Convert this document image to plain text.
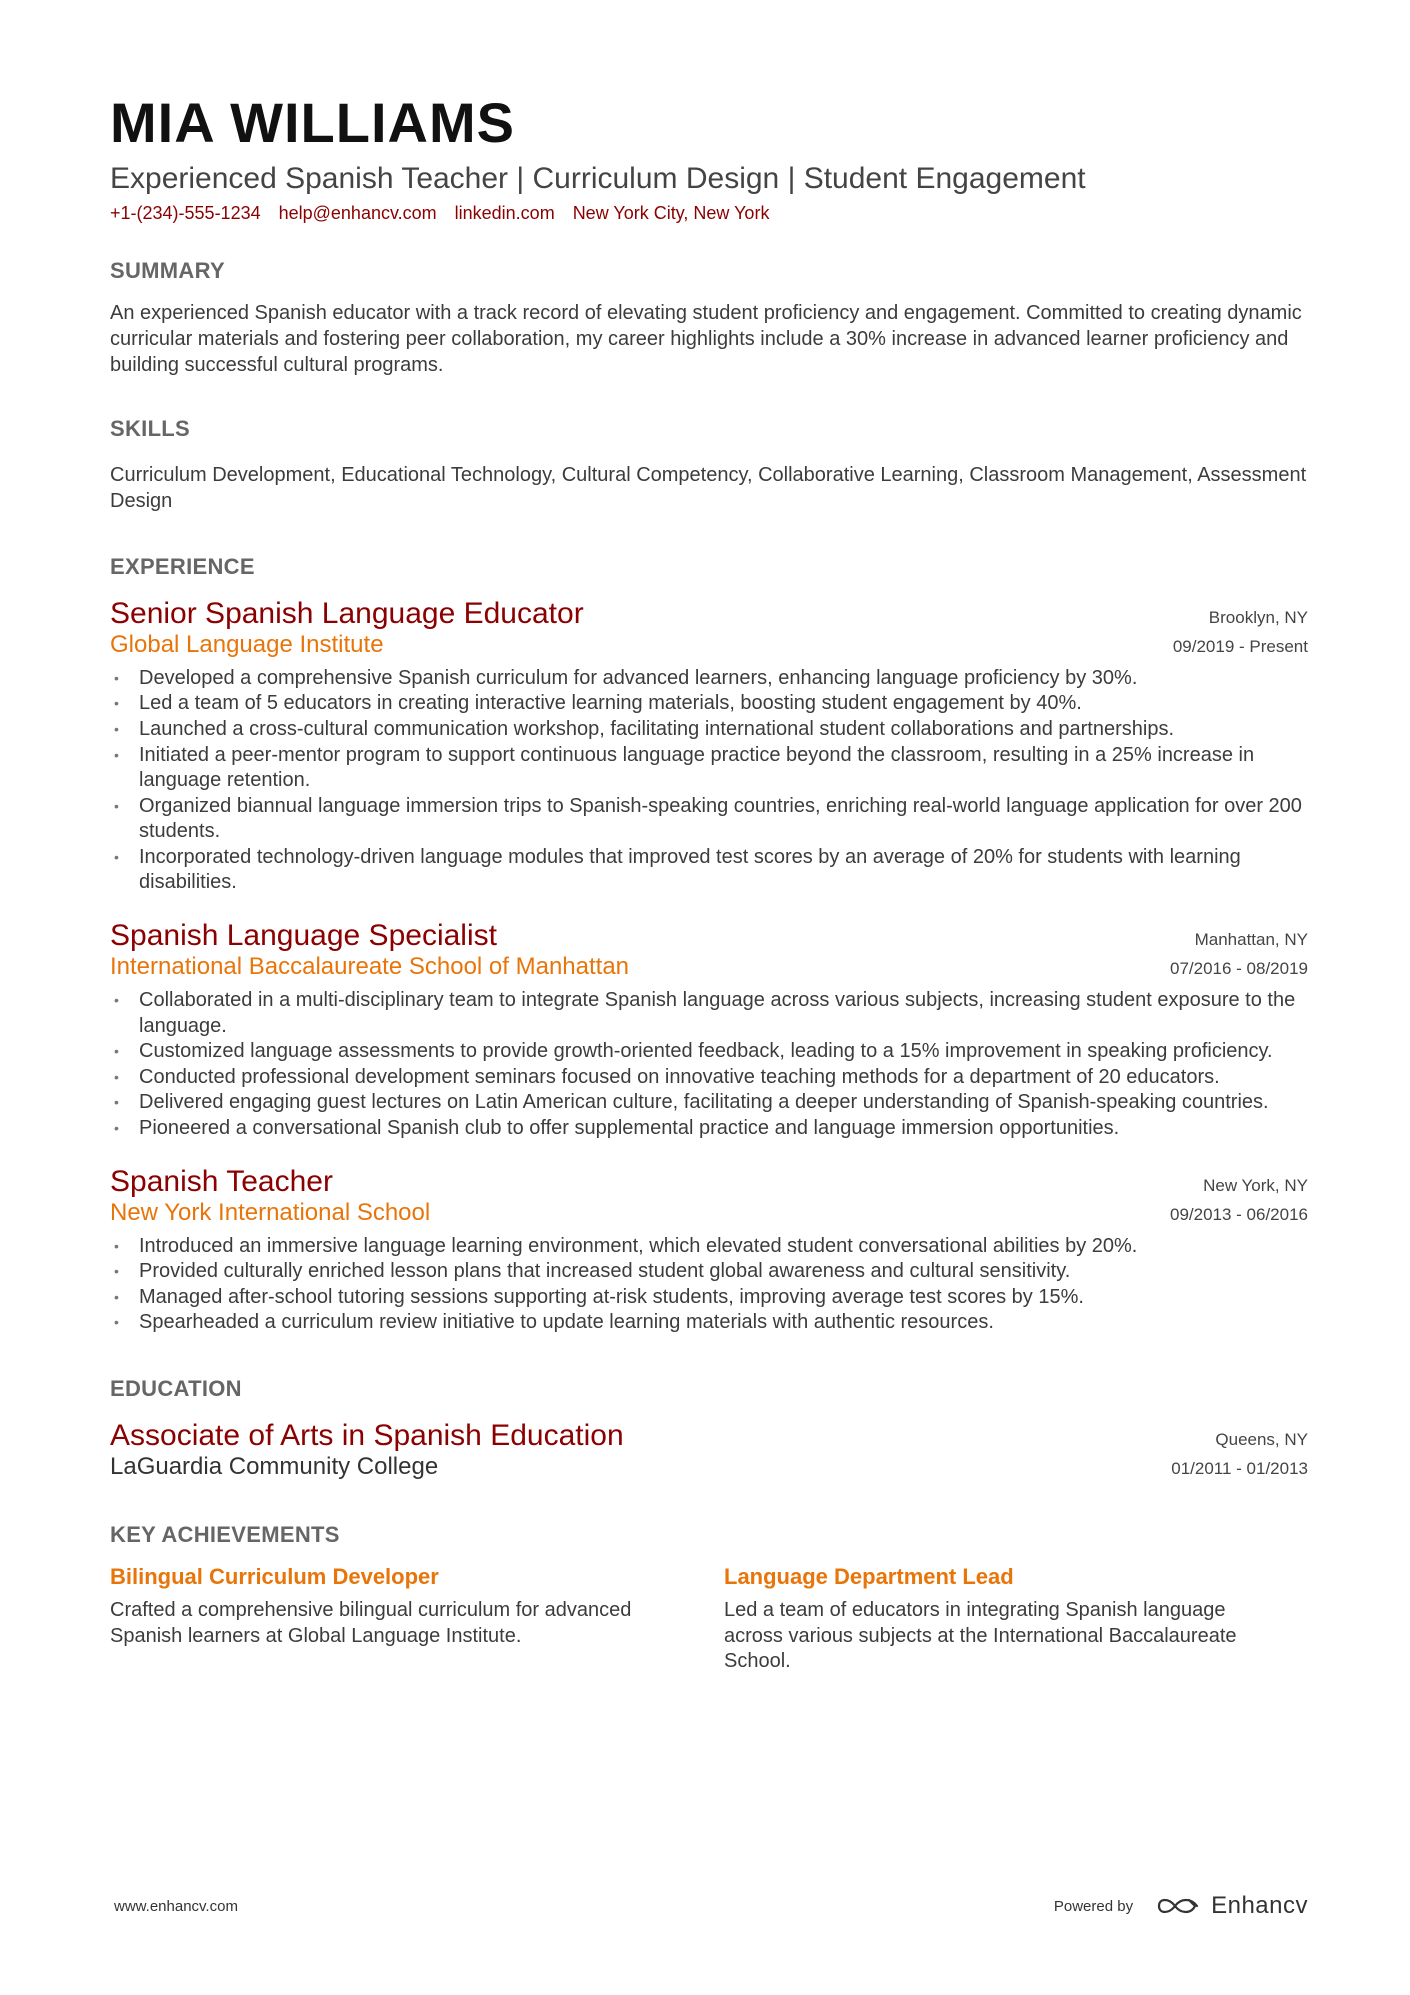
MIA WILLIAMS
Experienced Spanish Teacher | Curriculum Design | Student Engagement
+1-(234)-555-1234 help@enhancv.com linkedin.com New York City, New York
SUMMARY
An experienced Spanish educator with a track record of elevating student proficiency and engagement. Committed to creating dynamic curricular materials and fostering peer collaboration, my career highlights include a 30% increase in advanced learner proficiency and building successful cultural programs.
SKILLS
Curriculum Development, Educational Technology, Cultural Competency, Collaborative Learning, Classroom Management, Assessment Design
EXPERIENCE
Senior Spanish Language Educator	Brooklyn, NY
Global Language Institute	09/2019 - Present
• Developed a comprehensive Spanish curriculum for advanced learners, enhancing language proficiency by 30%.
• Led a team of 5 educators in creating interactive learning materials, boosting student engagement by 40%.
• Launched a cross-cultural communication workshop, facilitating international student collaborations and partnerships.
• Initiated a peer-mentor program to support continuous language practice beyond the classroom, resulting in a 25% increase in language retention.
• Organized biannual language immersion trips to Spanish-speaking countries, enriching real-world language application for over 200 students.
• Incorporated technology-driven language modules that improved test scores by an average of 20% for students with learning disabilities.
Spanish Language Specialist	Manhattan, NY
International Baccalaureate School of Manhattan	07/2016 - 08/2019
• Collaborated in a multi-disciplinary team to integrate Spanish language across various subjects, increasing student exposure to the language.
• Customized language assessments to provide growth-oriented feedback, leading to a 15% improvement in speaking proficiency.
• Conducted professional development seminars focused on innovative teaching methods for a department of 20 educators.
• Delivered engaging guest lectures on Latin American culture, facilitating a deeper understanding of Spanish-speaking countries.
• Pioneered a conversational Spanish club to offer supplemental practice and language immersion opportunities.
Spanish Teacher	New York, NY
New York International School	09/2013 - 06/2016
• Introduced an immersive language learning environment, which elevated student conversational abilities by 20%.
• Provided culturally enriched lesson plans that increased student global awareness and cultural sensitivity.
• Managed after-school tutoring sessions supporting at-risk students, improving average test scores by 15%.
• Spearheaded a curriculum review initiative to update learning materials with authentic resources.
EDUCATION
Associate of Arts in Spanish Education	Queens, NY
LaGuardia Community College	01/2011 - 01/2013
KEY ACHIEVEMENTS
Bilingual Curriculum Developer
Crafted a comprehensive bilingual curriculum for advanced Spanish learners at Global Language Institute.
Language Department Lead
Led a team of educators in integrating Spanish language across various subjects at the International Baccalaureate School.
www.enhancv.com	Powered by	Enhancv
